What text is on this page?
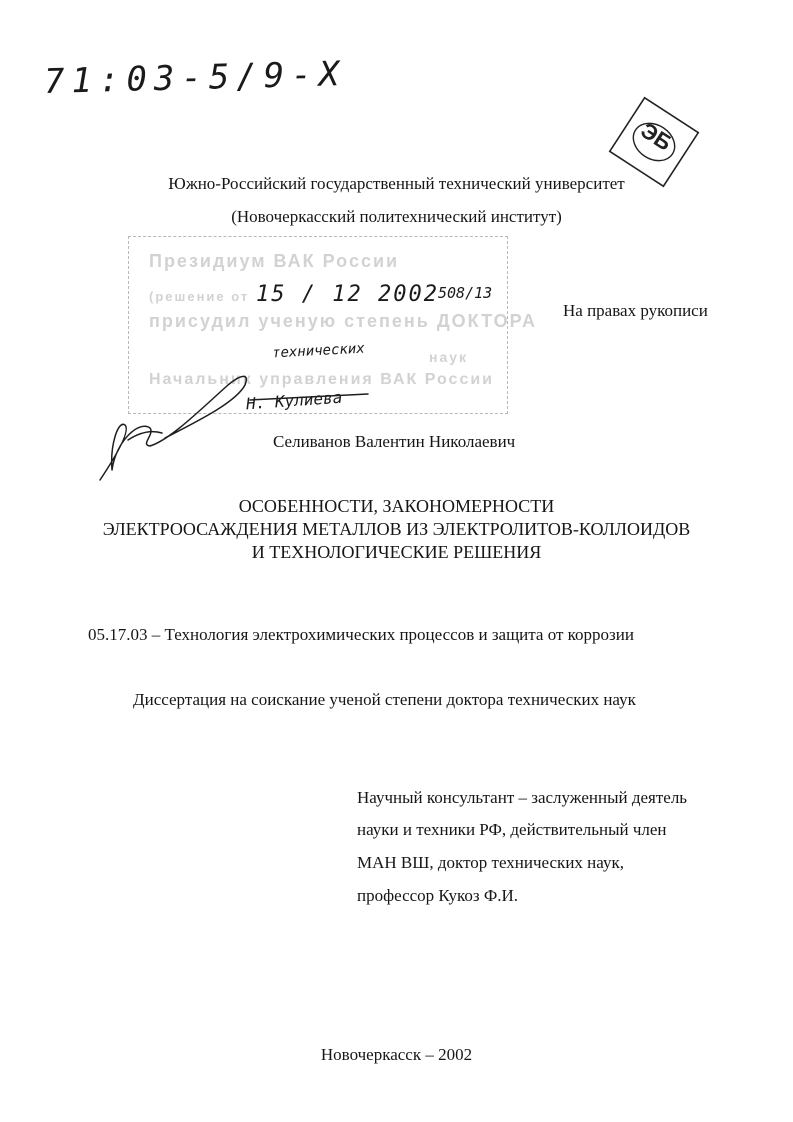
71:03-5/9-X
ЭБ
Южно-Российский государственный технический университет
(Новочеркасский политехнический институт)
Президиум ВАК России
(решение от
присудил ученую степень ДОКТОРА
наук
Начальник управления ВАК России
15 / 12 2002 508/13
технических
Н. Кулиева
На правах рукописи
Селиванов Валентин Николаевич
ОСОБЕННОСТИ, ЗАКОНОМЕРНОСТИ
ЭЛЕКТРООСАЖДЕНИЯ МЕТАЛЛОВ ИЗ ЭЛЕКТРОЛИТОВ-КОЛЛОИДОВ
И ТЕХНОЛОГИЧЕСКИЕ РЕШЕНИЯ
05.17.03 – Технология электрохимических процессов и защита от коррозии
Диссертация на соискание ученой степени доктора технических наук
Научный консультант – заслуженный деятель
науки и техники РФ, действительный член
МАН ВШ, доктор технических наук,
профессор Кукоз Ф.И.
Новочеркасск – 2002
